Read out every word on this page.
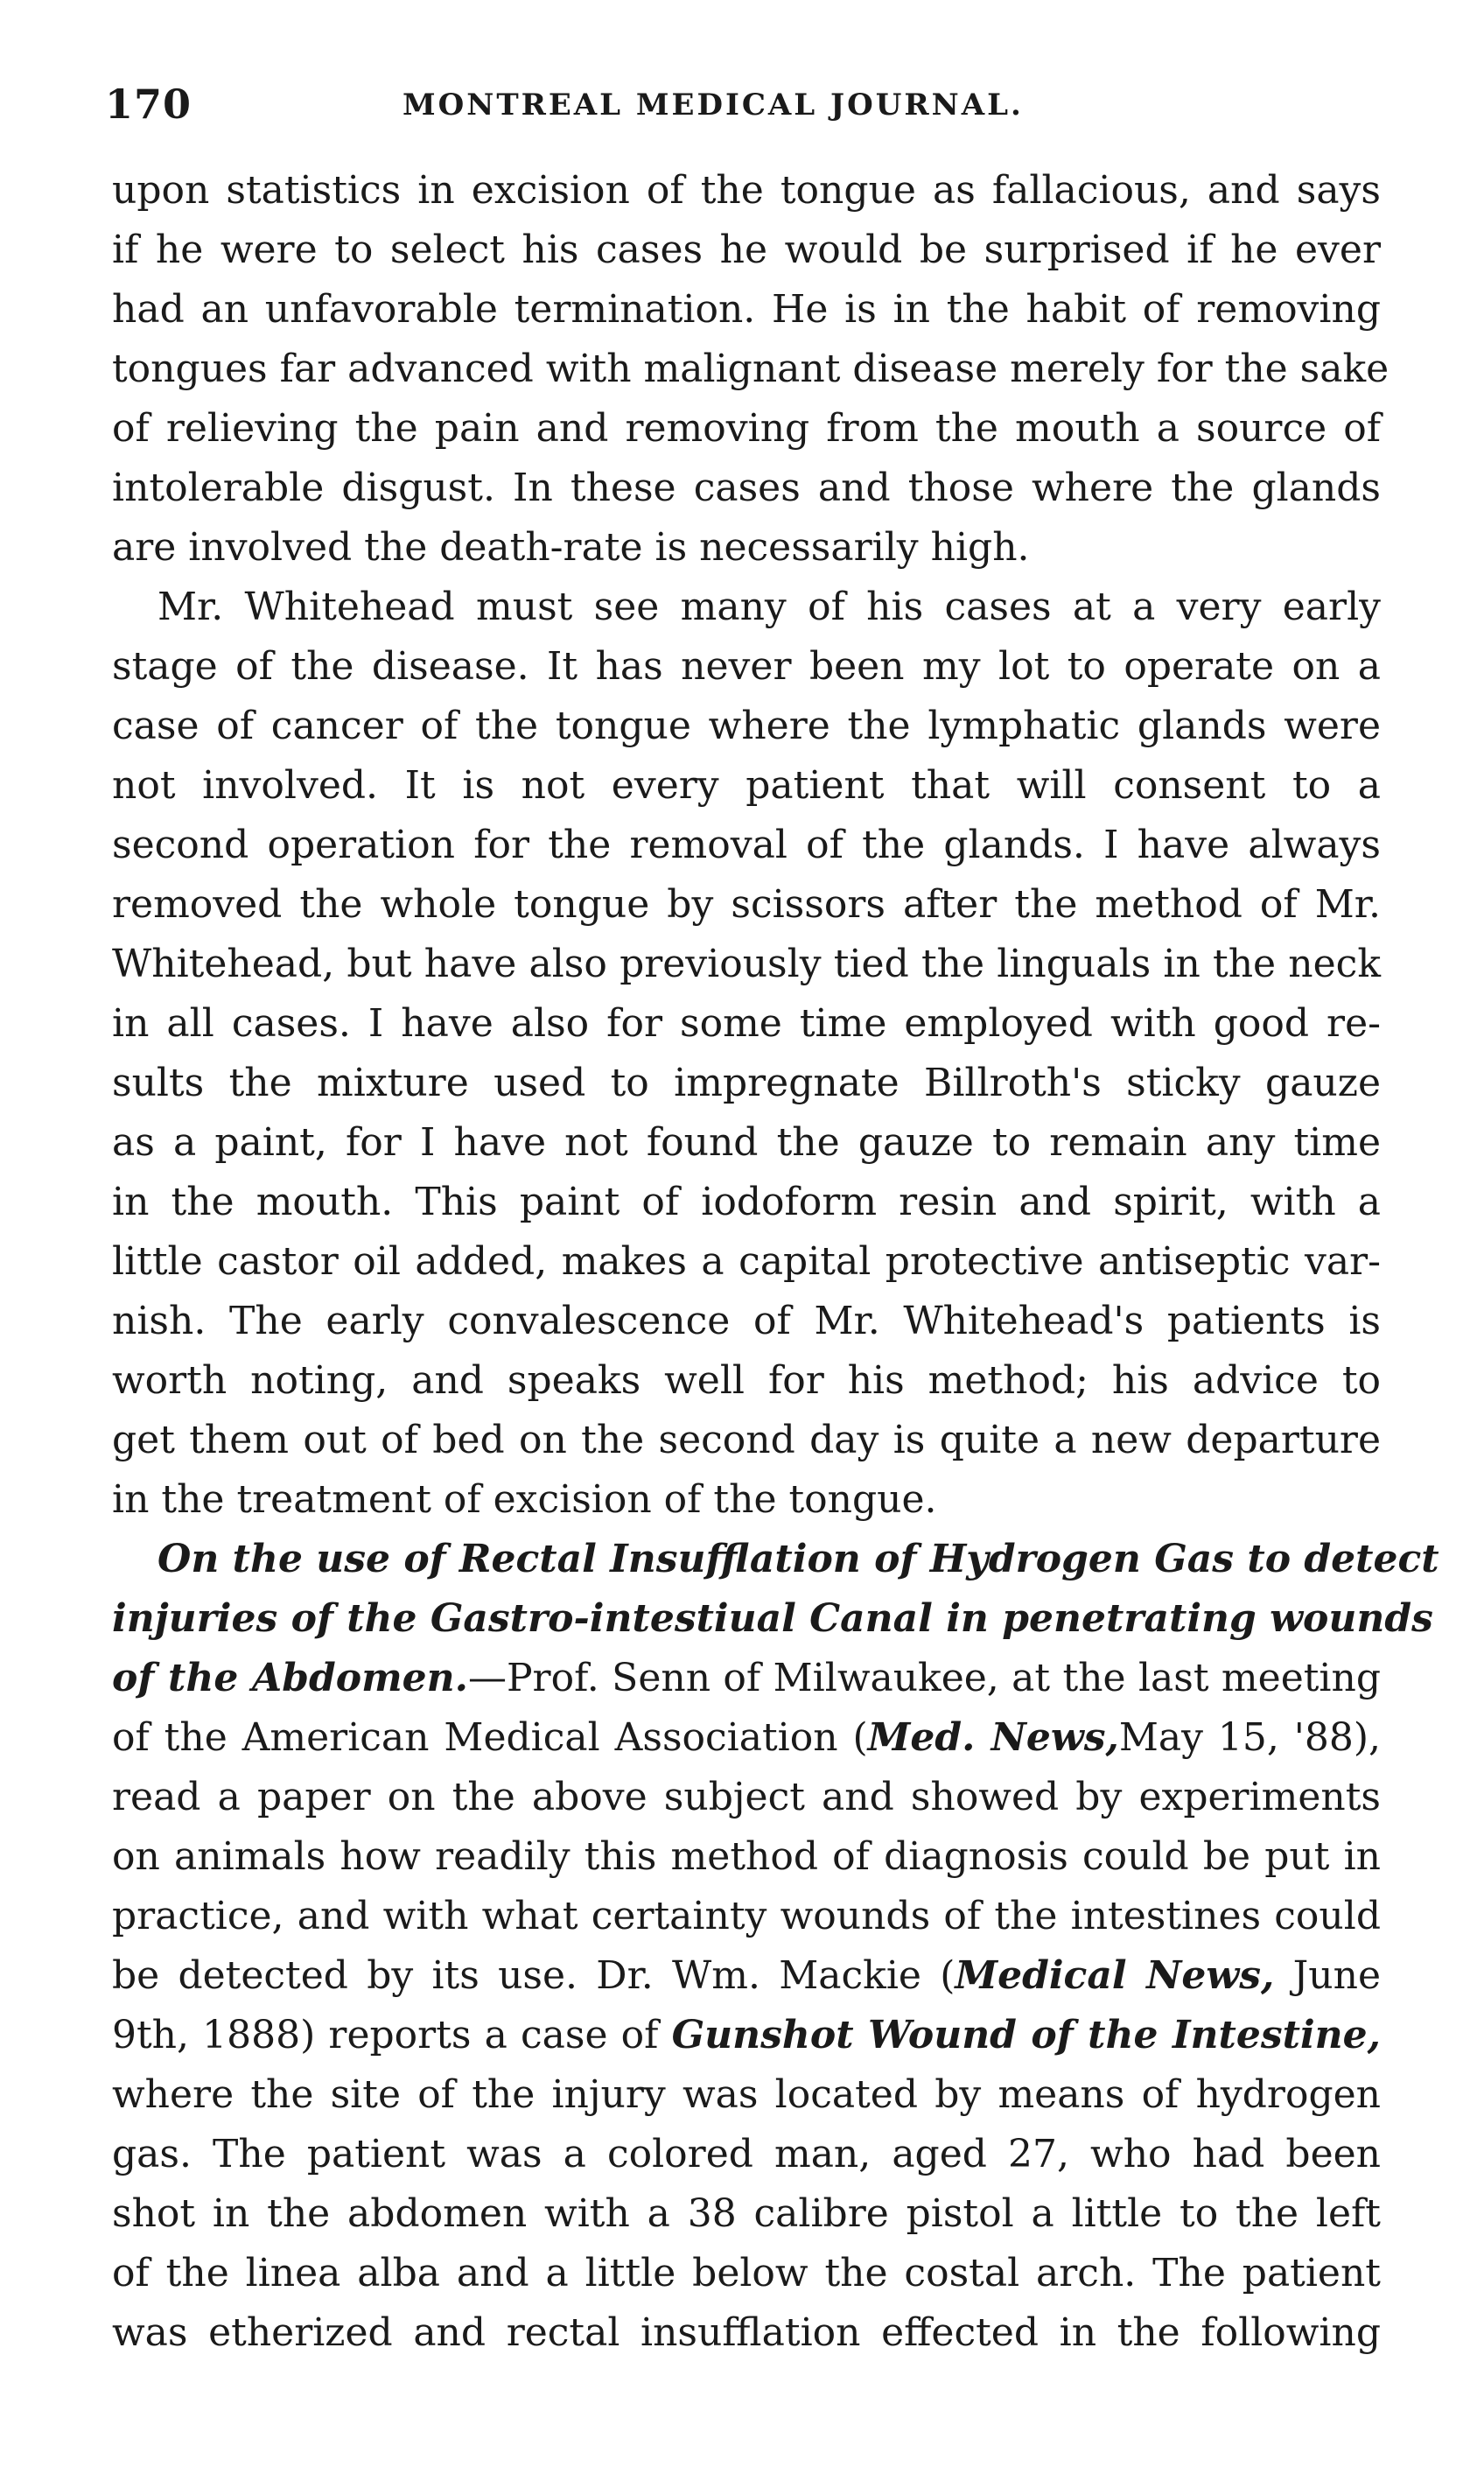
170	MONTREAL MEDICAL JOURNAL.
upon statistics in excision of the tongue as fallacious, and says
if he were to select his cases he would be surprised if he ever
had an unfavorable termination. He is in the habit of removing
tongues far advanced with malignant disease merely for the sake
of relieving the pain and removing from the mouth a source of
intolerable disgust. In these cases and those where the glands
are involved the death-rate is necessarily high.
Mr. Whitehead must see many of his cases at a very early
stage of the disease. It has never been my lot to operate on a
case of cancer of the tongue where the lymphatic glands were
not involved. It is not every patient that will consent to a
second operation for the removal of the glands. I have always
removed the whole tongue by scissors after the method of Mr.
Whitehead, but have also previously tied the linguals in the neck
in all cases. I have also for some time employed with good re-
sults the mixture used to impregnate Billroth's sticky gauze
as a paint, for I have not found the gauze to remain any time
in the mouth. This paint of iodoform resin and spirit, with a
little castor oil added, makes a capital protective antiseptic var-
nish. The early convalescence of Mr. Whitehead's patients is
worth noting, and speaks well for his method; his advice to
get them out of bed on the second day is quite a new departure
in the treatment of excision of the tongue.
On the use of Rectal Insufflation of Hydrogen Gas to detect
injuries of the Gastro-intestiual Canal in penetrating wounds
of the Abdomen.—Prof. Senn of Milwaukee, at the last meeting
of the American Medical Association (Med. News,May 15, '88),
read a paper on the above subject and showed by experiments
on animals how readily this method of diagnosis could be put in
practice, and with what certainty wounds of the intestines could
be detected by its use. Dr. Wm. Mackie (Medical News, June
9th, 1888) reports a case of Gunshot Wound of the Intestine,
where the site of the injury was located by means of hydrogen
gas. The patient was a colored man, aged 27, who had been
shot in the abdomen with a 38 calibre pistol a little to the left
of the linea alba and a little below the costal arch. The patient
was etherized and rectal insufflation effected in the following
